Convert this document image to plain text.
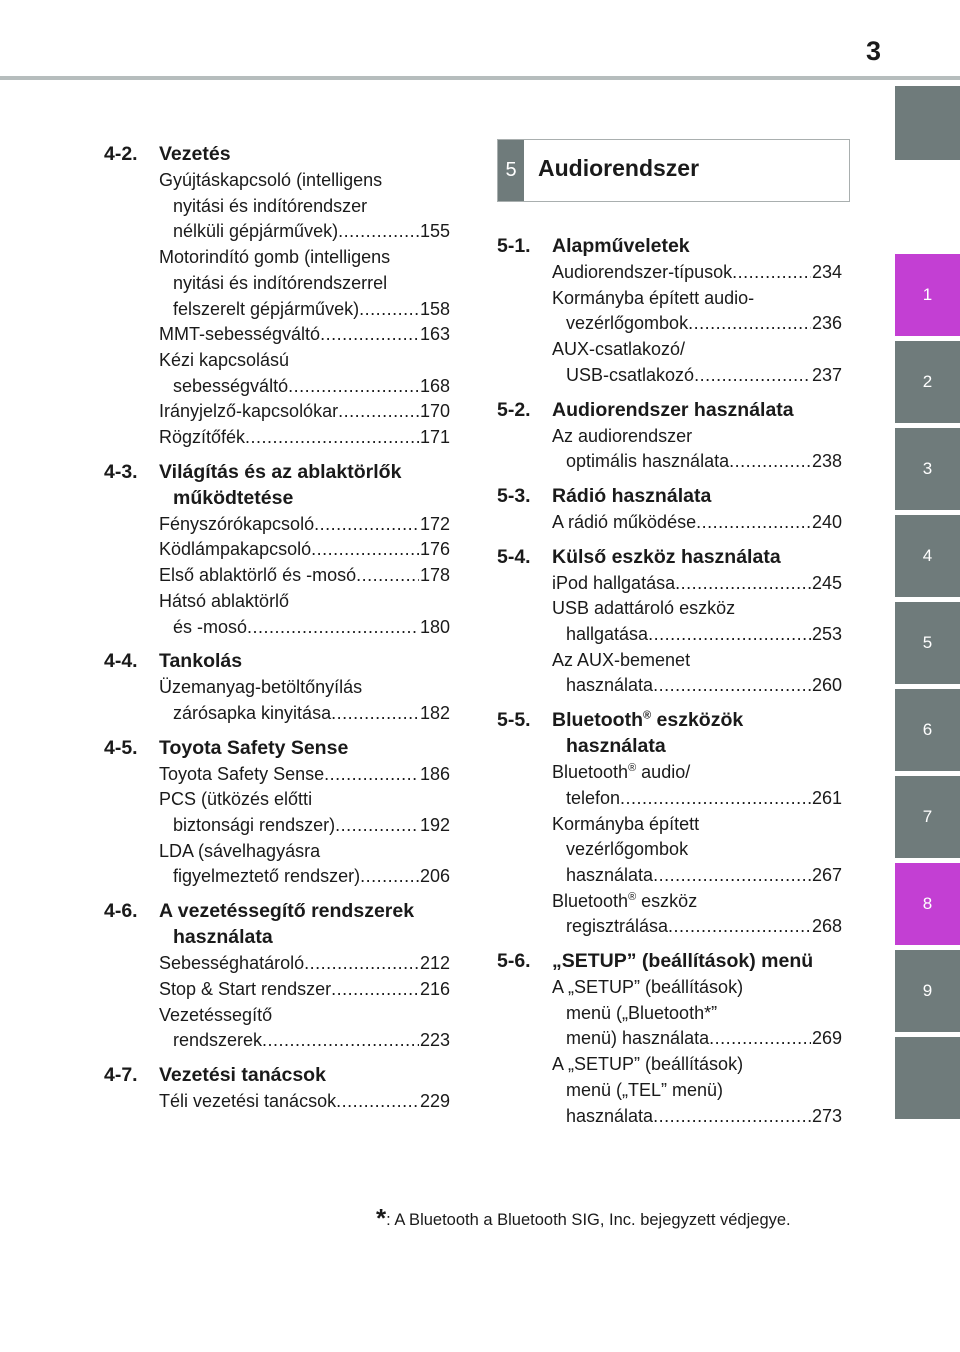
3
1
2
3
4
5
6
7
8
9
4-2.	Vezetés
Gyújtáskapcsoló (intelligens
nyitási és indítórendszer
nélküli gépjárművek) .....	155
Motorindító gomb (intelligens
nyitási és indítórendszerrel
felszerelt gépjárművek) .....	158
MMT-sebességváltó .....	163
Kézi kapcsolású
sebességváltó .....	168
Irányjelző-kapcsolókar .....	170
Rögzítőfék .....	171
4-3.	Világítás és az ablaktörlők
működtetése
Fényszórókapcsoló .....	172
Ködlámpakapcsoló .....	176
Első ablaktörlő és -mosó .....	178
Hátsó ablaktörlő
és -mosó .....	180
4-4.	Tankolás
Üzemanyag-betöltőnyílás
zárósapka kinyitása .....	182
4-5.	Toyota Safety Sense
Toyota Safety Sense .....	186
PCS (ütközés előtti
biztonsági rendszer) .....	192
LDA (sávelhagyásra
figyelmeztető rendszer) .....	206
4-6.	A vezetéssegítő rendszerek
használata
Sebességhatároló .....	212
Stop & Start rendszer .....	216
Vezetéssegítő
rendszerek .....	223
4-7.	Vezetési tanácsok
Téli vezetési tanácsok .....	229
5 Audiorendszer
5-1.	Alapműveletek
Audiorendszer-típusok .....	234
Kormányba épített audio-
vezérlőgombok .....	236
AUX-csatlakozó/
USB-csatlakozó .....	237
5-2.	Audiorendszer használata
Az audiorendszer
optimális használata .....	238
5-3.	Rádió használata
A rádió működése .....	240
5-4.	Külső eszköz használata
iPod hallgatása .....	245
USB adattároló eszköz
hallgatása .....	253
Az AUX-bemenet
használata .....	260
5-5.	Bluetooth® eszközök
használata
Bluetooth® audio/
telefon .....	261
Kormányba épített
vezérlőgombok
használata .....	267
Bluetooth® eszköz
regisztrálása .....	268
5-6.	„SETUP” (beállítások) menü
A „SETUP” (beállítások)
menü („Bluetooth*”
menü) használata .....	269
A „SETUP” (beállítások)
menü („TEL” menü)
használata .....	273
*: A Bluetooth a Bluetooth SIG, Inc. bejegyzett védjegye.
